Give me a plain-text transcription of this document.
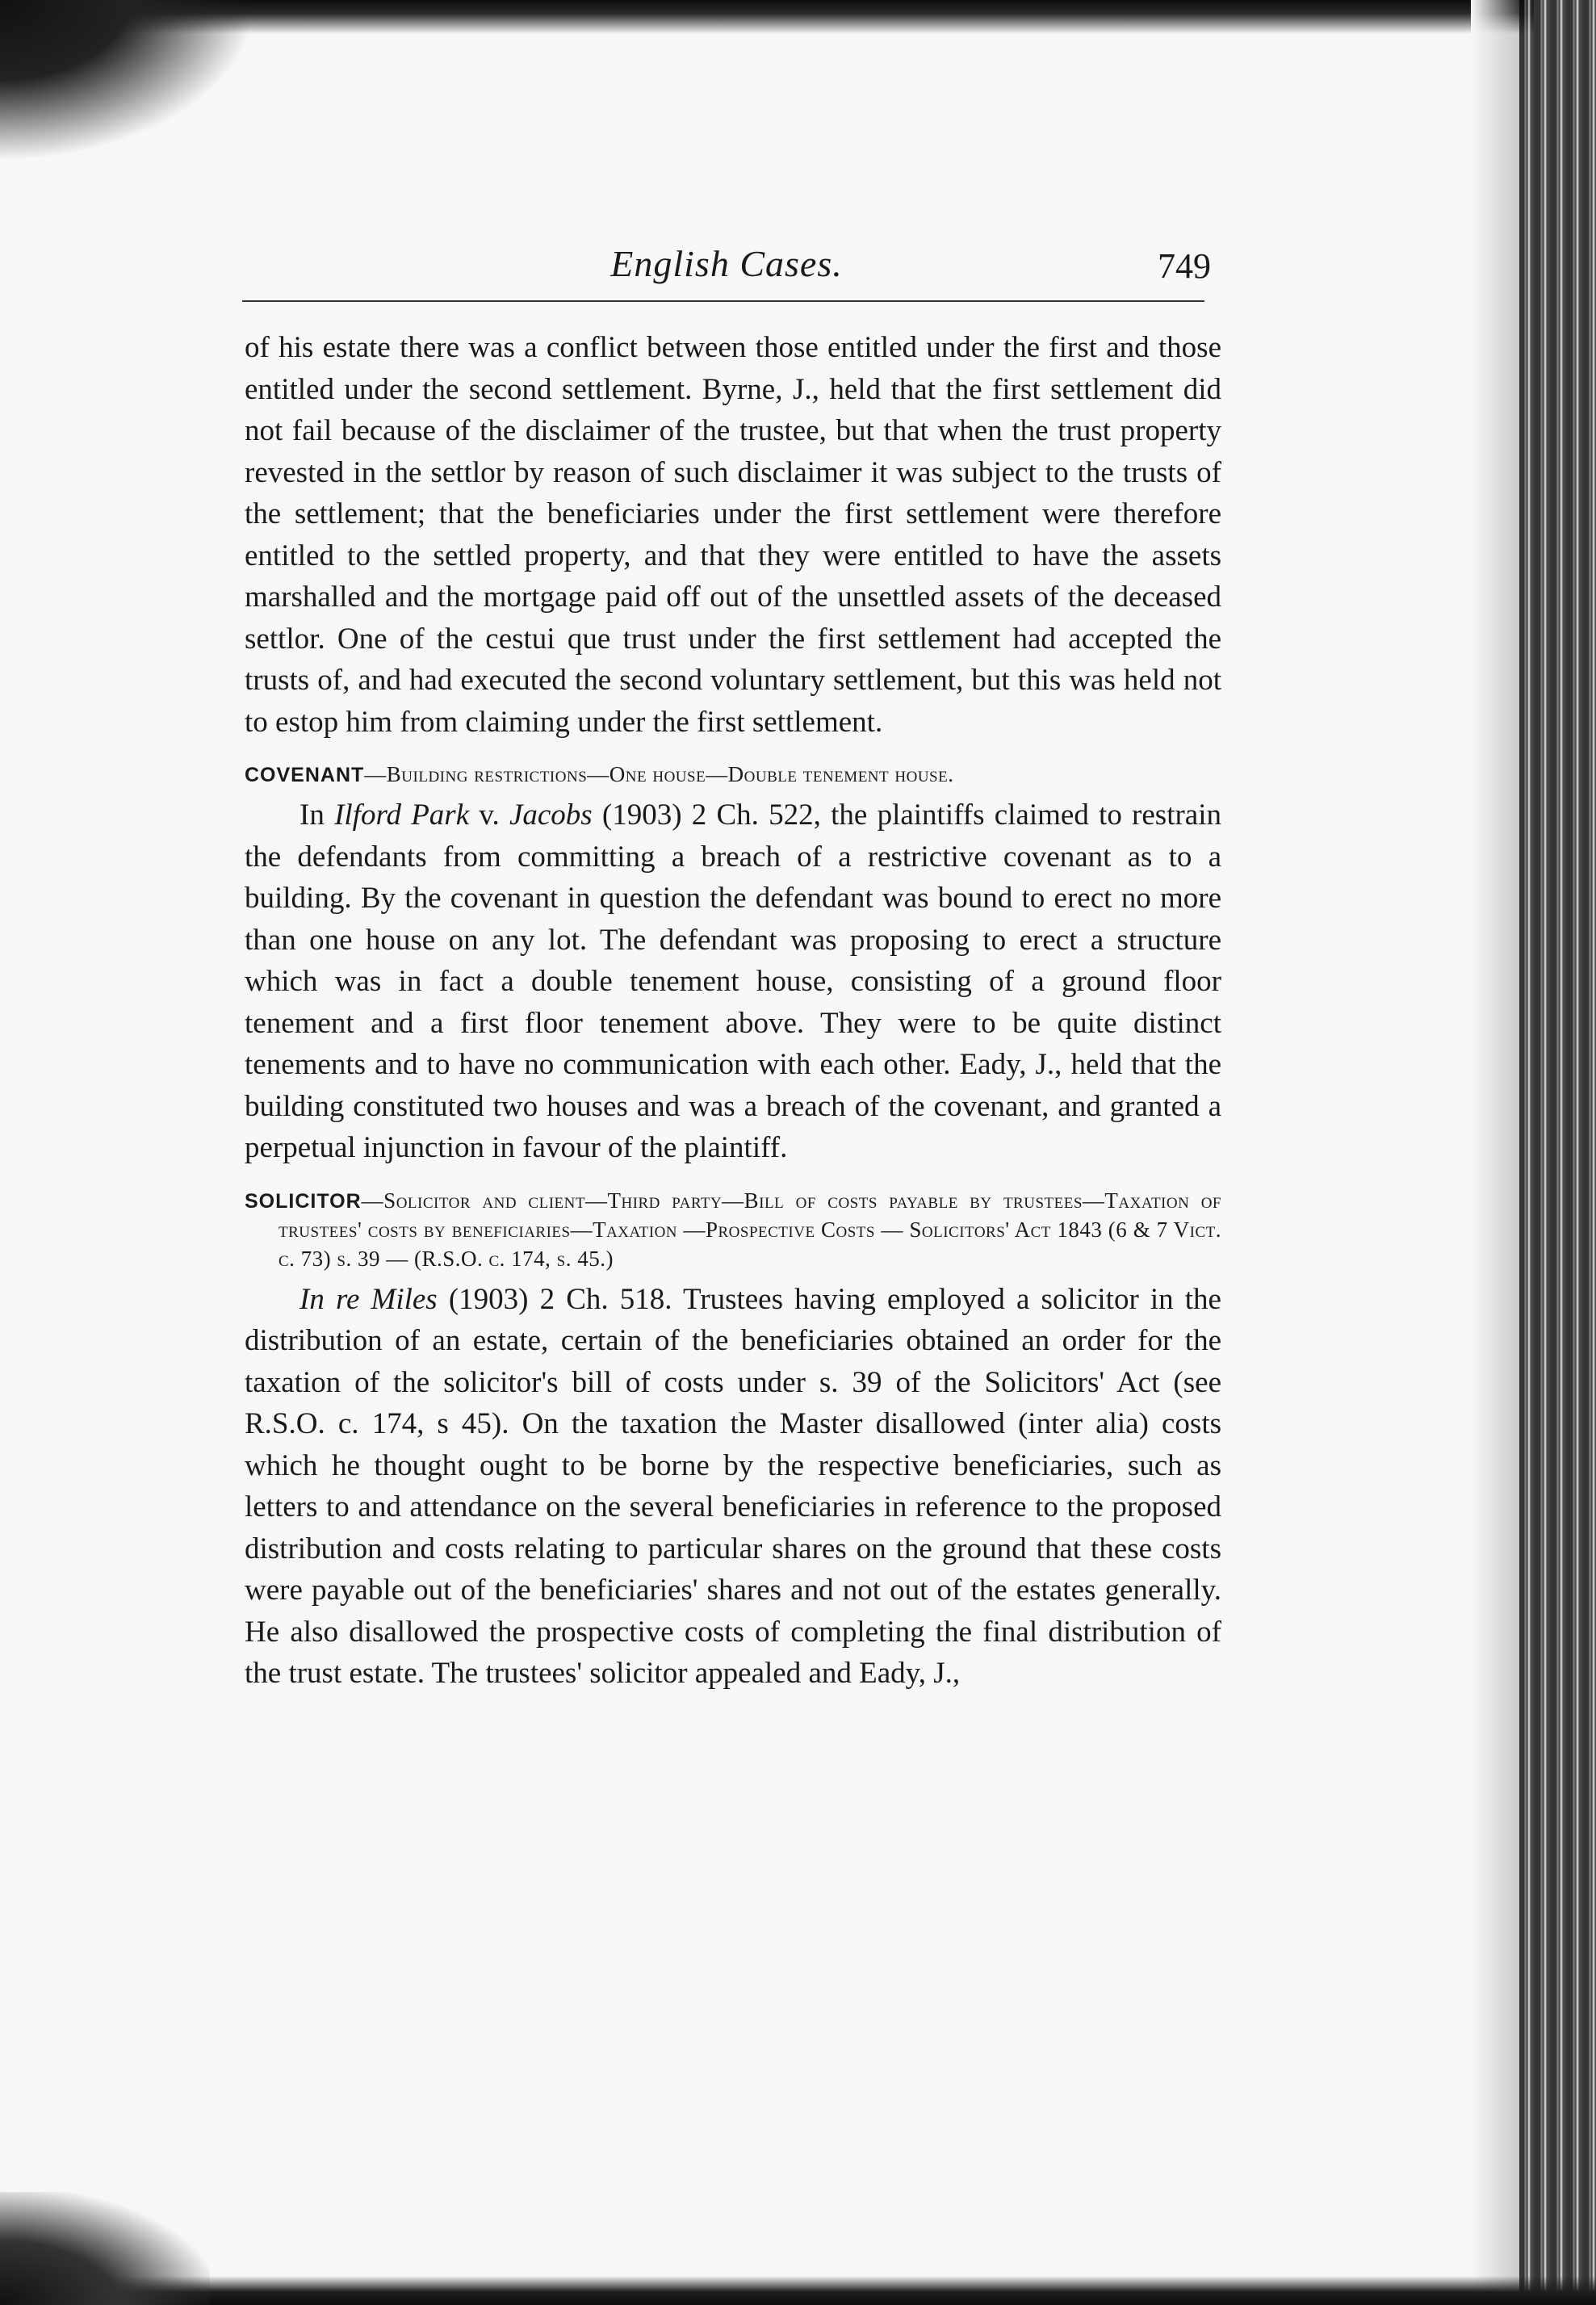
English Cases.	749

of his estate there was a conflict between those entitled under the first and those entitled under the second settlement. Byrne, J., held that the first settlement did not fail because of the disclaimer of the trustee, but that when the trust property revested in the settlor by reason of such disclaimer it was subject to the trusts of the settlement; that the beneficiaries under the first settlement were therefore entitled to the settled property, and that they were entitled to have the assets marshalled and the mortgage paid off out of the unsettled assets of the deceased settlor. One of the cestui que trust under the first settlement had accepted the trusts of, and had executed the second voluntary settlement, but this was held not to estop him from claiming under the first settlement.

COVENANT—Building restrictions—One house—Double tenement house.

In Ilford Park v. Jacobs (1903) 2 Ch. 522, the plaintiffs claimed to restrain the defendants from committing a breach of a restrictive covenant as to a building. By the covenant in question the defendant was bound to erect no more than one house on any lot. The defendant was proposing to erect a structure which was in fact a double tenement house, consisting of a ground floor tenement and a first floor tenement above. They were to be quite distinct tenements and to have no communication with each other. Eady, J., held that the building constituted two houses and was a breach of the covenant, and granted a perpetual injunction in favour of the plaintiff.

SOLICITOR—Solicitor and client—Third party—Bill of costs payable by trustees—Taxation of trustees' costs by beneficiaries—Taxation —Prospective Costs — Solicitors' Act 1843 (6 & 7 Vict. c. 73) s. 39 — (R.S.O. c. 174, s. 45.)

In re Miles (1903) 2 Ch. 518. Trustees having employed a solicitor in the distribution of an estate, certain of the beneficiaries obtained an order for the taxation of the solicitor's bill of costs under s. 39 of the Solicitors' Act (see R.S.O. c. 174, s 45). On the taxation the Master disallowed (inter alia) costs which he thought ought to be borne by the respective beneficiaries, such as letters to and attendance on the several beneficiaries in reference to the proposed distribution and costs relating to particular shares on the ground that these costs were payable out of the beneficiaries' shares and not out of the estates generally. He also disallowed the prospective costs of completing the final distribution of the trust estate. The trustees' solicitor appealed and Eady, J.,
